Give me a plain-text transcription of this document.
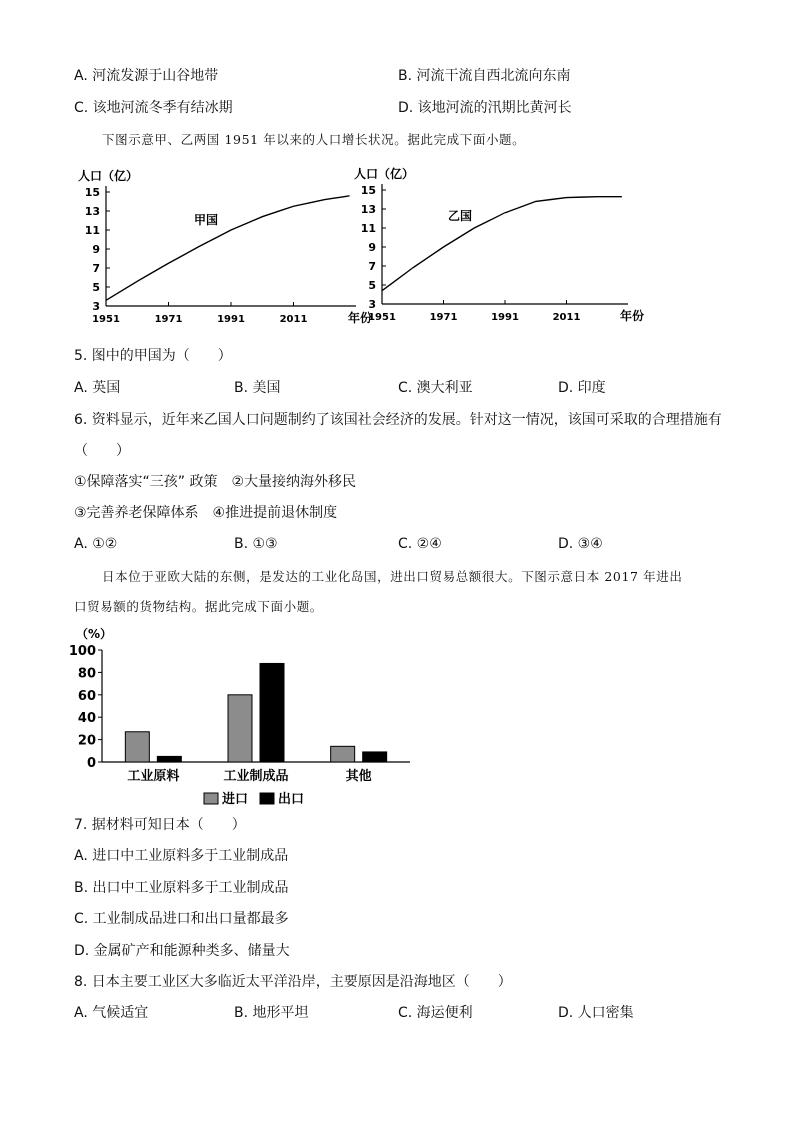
A. 河流发源于山谷地带	B. 河流干流自西北流向东南
C. 该地河流冬季有结冰期	D. 该地河流的汛期比黄河长
下图示意甲、乙两国 1951 年以来的人口增长状况。据此完成下面小题。
3
5
7
9
11
13
15
1951	1971	1991	2011
人口（亿）
年份
甲国
3
5
7
9
11
13
15
1951	1971	1991	2011
人口（亿）
年份
乙国
5. 图中的甲国为（　　）
A. 英国	B. 美国	C. 澳大利亚	D. 印度
6. 资料显示，近年来乙国人口问题制约了该国社会经济的发展。针对这一情况，该国可采取的合理措施有
（　　）
①保障落实“三孩” 政策　②大量接纳海外移民
③完善养老保障体系　④推进提前退休制度
A. ①②	B. ①③	C. ②④	D. ③④
日本位于亚欧大陆的东侧，是发达的工业化岛国，进出口贸易总额很大。下图示意日本 2017 年进出
口贸易额的货物结构。据此完成下面小题。
0
20
40
60
80
100
（%）
工业原料	工业制成品	其他
进口 出口
7. 据材料可知日本（　　）
A. 进口中工业原料多于工业制成品
B. 出口中工业原料多于工业制成品
C. 工业制成品进口和出口量都最多
D. 金属矿产和能源种类多、储量大
8. 日本主要工业区大多临近太平洋沿岸，主要原因是沿海地区（　　）
A. 气候适宜	B. 地形平坦	C. 海运便利	D. 人口密集
